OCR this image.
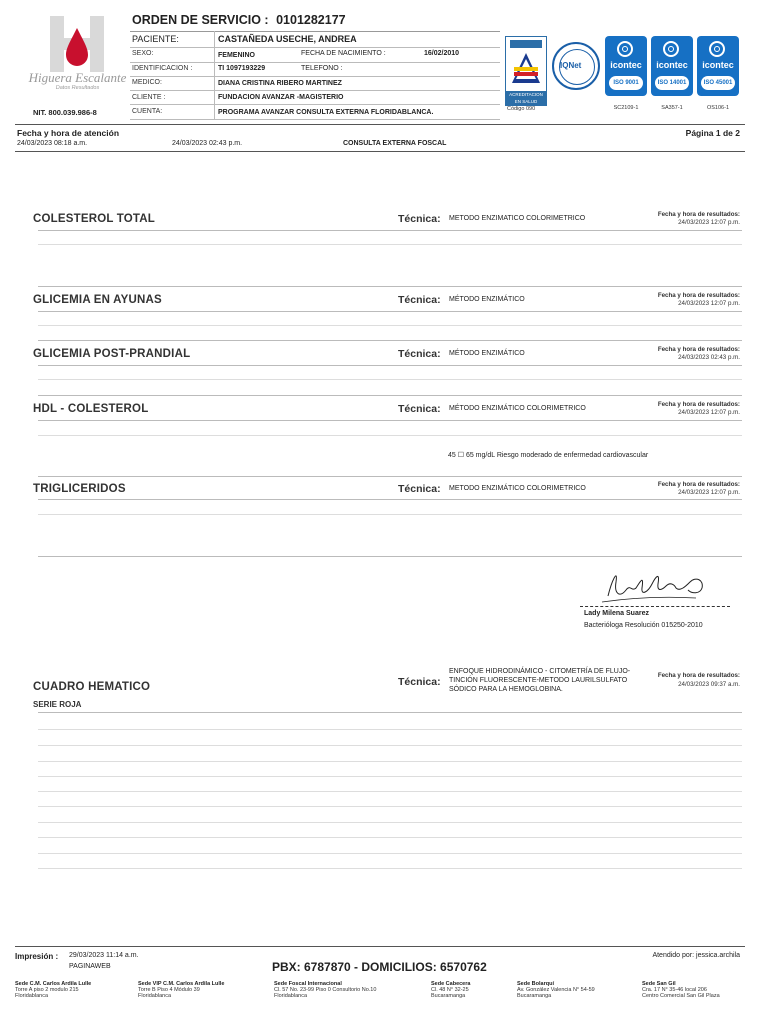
Higuera Escalante
Datos Resultados
NIT. 800.039.986-8
ORDEN DE SERVICIO : 0101282177
PACIENTE:	CASTAÑEDA USECHE, ANDREA
SEXO:	FEMENINO	FECHA DE NACIMIENTO :	16/02/2010
IDENTIFICACION :	TI 1097193229	TELEFONO :
MEDICO:	DIANA CRISTINA RIBERO MARTINEZ
CLIENTE :	FUNDACION AVANZAR -MAGISTERIO
CUENTA:	PROGRAMA AVANZAR CONSULTA EXTERNA FLORIDABLANCA.
ACREDITACION EN SALUD
Código 090
IQNet	icontec
ISO 9001
SC2109-1
icontec
ISO 14001
SA357-1
icontec
ISO 45001
OS106-1
Fecha y hora de atención	Página 1 de 2
24/03/2023 08:18 a.m.	24/03/2023 02:43 p.m.	CONSULTA EXTERNA FOSCAL
COLESTEROL TOTAL	Técnica: METODO ENZIMATICO COLORIMETRICO
Fecha y hora de resultados:
24/03/2023 12:07 p.m.
GLICEMIA EN AYUNAS	Técnica: MÉTODO ENZIMÁTICO
Fecha y hora de resultados:
24/03/2023 12:07 p.m.
GLICEMIA POST-PRANDIAL	Técnica: MÉTODO ENZIMÁTICO
Fecha y hora de resultados:
24/03/2023 02:43 p.m.
HDL - COLESTEROL	Técnica: MÉTODO ENZIMÁTICO COLORIMETRICO
Fecha y hora de resultados:
24/03/2023 12:07 p.m.
45 ☐ 65 mg/dL Riesgo moderado de enfermedad cardiovascular
TRIGLICERIDOS	Técnica: METODO ENZIMÁTICO COLORIMETRICO
Fecha y hora de resultados:
24/03/2023 12:07 p.m.
Lady Milena Suarez
Bacterióloga Resolución 015250-2010
CUADRO HEMATICO	Técnica:
ENFOQUE HIDRODINÁMICO - CITOMETRÍA DE FLUJO-TINCIÓN FLUORESCENTE-METODO LAURILSULFATO SÓDICO PARA LA HEMOGLOBINA.
Fecha y hora de resultados:
24/03/2023 09:37 a.m.
SERIE ROJA
Impresión : 29/03/2023 11:14 a.m.
PAGINAWEB	PBX: 6787870 - DOMICILIOS: 6570762
Atendido por: jessica.archila
Sede C.M. Carlos Ardila Lulle
Torre A piso 2 modulo 215
Floridablanca
Sede VIP C.M. Carlos Ardila Lulle
Torre B Piso 4 Módulo 39
Floridablanca
Sede Foscal Internacional
Cl. 57 No. 23-99 Piso 0 Consultorio No.10
Floridablanca
Sede Cabecera
Cl. 48 N° 32-25
Bucaramanga
Sede Bolarquí
Av. González Valencia N° 54-59
Bucaramanga
Sede San Gil
Cra. 17 N° 35-46 local 206
Centro Comercial San Gil Plaza
